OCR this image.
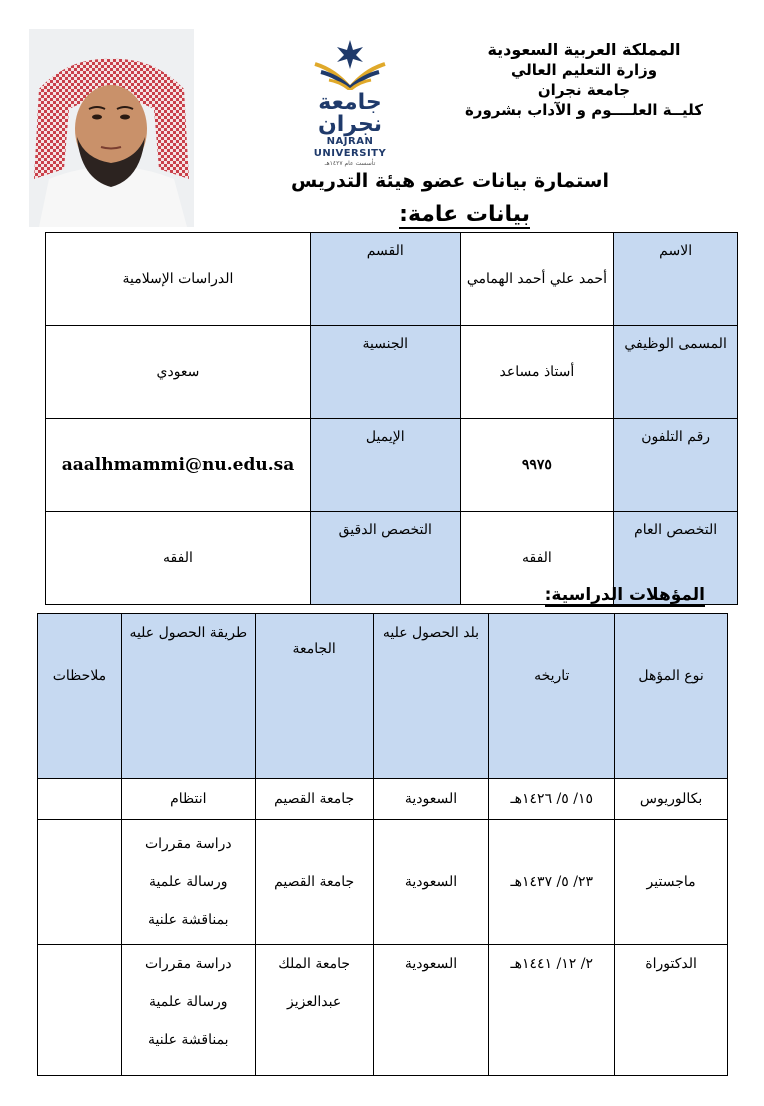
جامعة نجران
NAJRAN UNIVERSITY
تأسست عام ١٤٢٧هـ
المملكة العربية السعودية
وزارة التعليم العالي
جامعة نجران
كليــة العلــــوم و الآداب بشرورة
استمارة بيانات عضو هيئة التدريس
بيانات عامة:
الاسم	أحمد علي أحمد الهمامي	القسم	الدراسات الإسلامية
المسمى الوظيفي	أستاذ مساعد	الجنسية	سعودي
رقم التلفون	٩٩٧٥	الإيميل	aaalhmammi@nu.edu.sa
التخصص العام	الفقه	التخصص الدقيق	الفقه
المؤهلات الدراسية:
نوع المؤهل	تاريخه	بلد الحصول عليه	الجامعة	طريقة الحصول عليه	ملاحظات
بكالوريوس	١٥/ ٥/ ١٤٢٦هـ	السعودية	جامعة القصيم	انتظام	
ماجستير	٢٣/ ٥/ ١٤٣٧هـ	السعودية	جامعة القصيم	دراسة مقررات ورسالة علمية بمناقشة علنية	
الدكتوراة	٢/ ١٢/ ١٤٤١هـ	السعودية	جامعة الملك عبدالعزيز	دراسة مقررات ورسالة علمية بمناقشة علنية	
